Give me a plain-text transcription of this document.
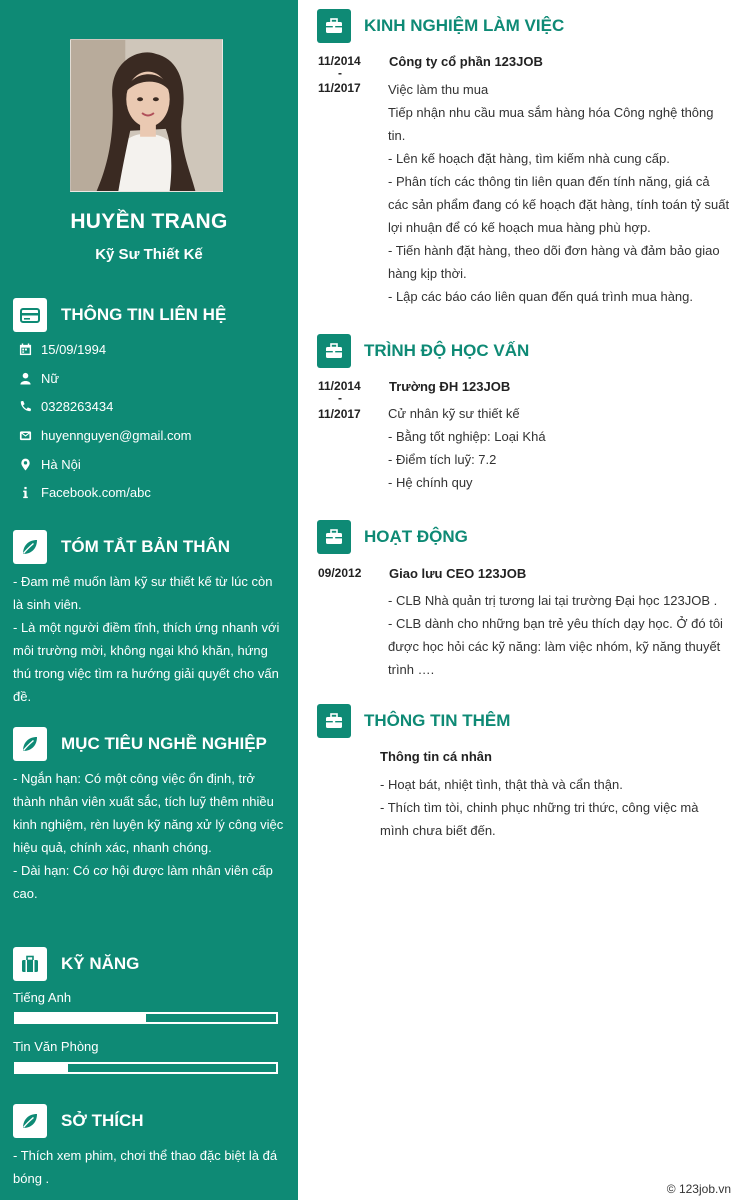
HUYỀN TRANG
Kỹ Sư Thiết Kế
THÔNG TIN LIÊN HỆ
15/09/1994
Nữ
0328263434
huyennguyen@gmail.com
Hà Nội
Facebook.com/abc
TÓM TẮT BẢN THÂN
- Đam mê muốn làm kỹ sư thiết kế từ lúc còn là sinh viên.
- Là một người điềm tĩnh, thích ứng nhanh với môi trường mời, không ngại khó khăn, hứng thú trong việc tìm ra hướng giải quyết cho vấn đề.
MỤC TIÊU NGHỀ NGHIỆP
- Ngắn hạn: Có một công việc ổn định, trở thành nhân viên xuất sắc, tích luỹ thêm nhiều kinh nghiệm, rèn luyện kỹ năng xử lý công việc hiệu quả, chính xác, nhanh chóng.
- Dài hạn: Có cơ hội được làm nhân viên cấp cao.
KỸ NĂNG
Tiếng Anh
Tin Văn Phòng
SỞ THÍCH
- Thích xem phim, chơi thể thao đặc biệt là đá bóng .
KINH NGHIỆM LÀM VIỆC
11/2014
-
11/2017
Công ty cổ phần 123JOB
Việc làm thu mua
Tiếp nhận nhu cầu mua sắm hàng hóa Công nghệ thông tin.
- Lên kế hoạch đặt hàng, tìm kiếm nhà cung cấp.
- Phân tích các thông tin liên quan đến tính năng, giá cả các sản phẩm đang có kế hoạch đặt hàng, tính toán tỷ suất lợi nhuận để có kế hoạch mua hàng phù hợp.
- Tiến hành đặt hàng, theo dõi đơn hàng và đảm bảo giao hàng kịp thời.
- Lập các báo cáo liên quan đến quá trình mua hàng.
TRÌNH ĐỘ HỌC VẤN
11/2014
-
11/2017
Trường ĐH 123JOB
Cử nhân kỹ sư thiết kế
- Bằng tốt nghiệp: Loại Khá
- Điểm tích luỹ: 7.2
- Hệ chính quy
HOẠT ĐỘNG
09/2012 Giao lưu CEO 123JOB
- CLB Nhà quản trị tương lai tại trường Đại học 123JOB .
- CLB dành cho những bạn trẻ yêu thích dạy học. Ở đó tôi được học hỏi các kỹ năng: làm việc nhóm, kỹ năng thuyết trình ….
THÔNG TIN THÊM
Thông tin cá nhân
- Hoạt bát, nhiệt tình, thật thà và cẩn thận.
- Thích tìm tòi, chinh phục những tri thức, công việc mà mình chưa biết đến.
© 123job.vn
